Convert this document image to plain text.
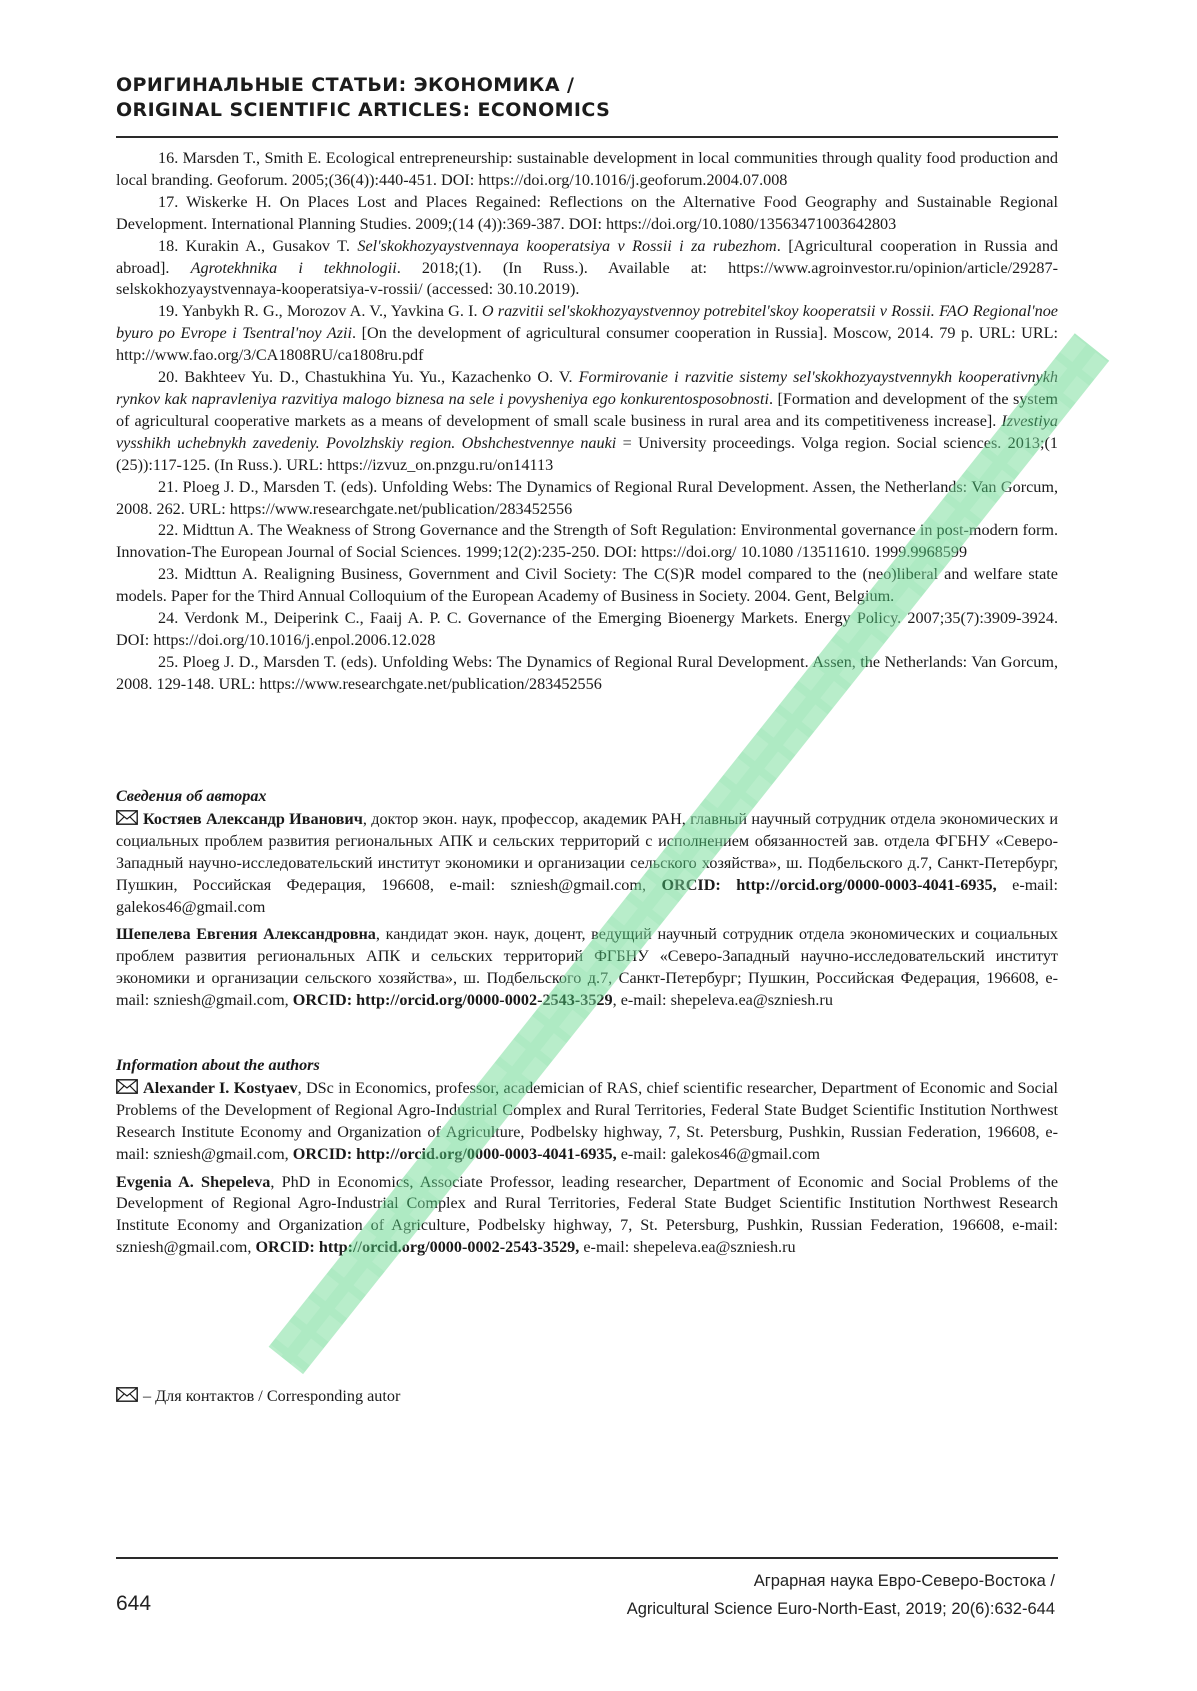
ОРИГИНАЛЬНЫЕ СТАТЬИ: ЭКОНОМИКА /
ORIGINAL SCIENTIFIC ARTICLES: ECONOMICS

16. Marsden T., Smith E. Ecological entrepreneurship: sustainable development in local communities through quality food production and local branding. Geoforum. 2005;(36(4)):440-451. DOI: https://doi.org/10.1016/j.geoforum.2004.07.008

17. Wiskerke H. On Places Lost and Places Regained: Reflections on the Alternative Food Geography and Sustainable Regional Development. International Planning Studies. 2009;(14 (4)):369-387. DOI: https://doi.org/10.1080/13563471003642803

18. Kurakin A., Gusakov T. Sel'skokhozyaystvennaya kooperatsiya v Rossii i za rubezhom. [Agricultural cooperation in Russia and abroad]. Agrotekhnika i tekhnologii. 2018;(1). (In Russ.). Available at: https://www.agroinvestor.ru/opinion/article/29287-selskokhozyaystvennaya-kooperatsiya-v-rossii/ (accessed: 30.10.2019).

19. Yanbykh R. G., Morozov A. V., Yavkina G. I. O razvitii sel'skokhozyaystvennoy potrebitel'skoy kooperatsii v Rossii. FAO Regional'noe byuro po Evrope i Tsentral'noy Azii. [On the development of agricultural consumer cooperation in Russia]. Moscow, 2014. 79 p. URL: URL: http://www.fao.org/3/CA1808RU/ca1808ru.pdf

20. Bakhteev Yu. D., Chastukhina Yu. Yu., Kazachenko O. V. Formirovanie i razvitie sistemy sel'skokhozyaystvennykh kooperativnykh rynkov kak napravleniya razvitiya malogo biznesa na sele i povysheniya ego konkurentosposobnosti. [Formation and development of the system of agricultural cooperative markets as a means of development of small scale business in rural area and its competitiveness increase]. Izvestiya vysshikh uchebnykh zavedeniy. Povolzhskiy region. Obshchestvennye nauki = University proceedings. Volga region. Social sciences. 2013;(1 (25)):117-125. (In Russ.). URL: https://izvuz_on.pnzgu.ru/on14113

21. Ploeg J. D., Marsden T. (eds). Unfolding Webs: The Dynamics of Regional Rural Development. Assen, the Netherlands: Van Gorcum, 2008. 262. URL: https://www.researchgate.net/publication/283452556

22. Midttun A. The Weakness of Strong Governance and the Strength of Soft Regulation: Environmental governance in post-modern form. Innovation-The European Journal of Social Sciences. 1999;12(2):235-250. DOI: https://doi.org/ 10.1080 /13511610. 1999.9968599

23. Midttun A. Realigning Business, Government and Civil Society: The C(S)R model compared to the (neo)liberal and welfare state models. Paper for the Third Annual Colloquium of the European Academy of Business in Society. 2004. Gent, Belgium.

24. Verdonk M., Deiperink C., Faaij A. P. C. Governance of the Emerging Bioenergy Markets. Energy Policy. 2007;35(7):3909-3924. DOI: https://doi.org/10.1016/j.enpol.2006.12.028

25. Ploeg J. D., Marsden T. (eds). Unfolding Webs: The Dynamics of Regional Rural Development. Assen, the Netherlands: Van Gorcum, 2008. 129-148. URL: https://www.researchgate.net/publication/283452556

Сведения об авторах

Костяев Александр Иванович, доктор экон. наук, профессор, академик РАН, главный научный сотрудник отдела экономических и социальных проблем развития региональных АПК и сельских территорий с исполнением обязанностей зав. отдела ФГБНУ «Северо-Западный научно-исследовательский институт экономики и организации сельского хозяйства», ш. Подбельского д.7, Санкт-Петербург, Пушкин, Российская Федерация, 196608, e-mail: szniesh@gmail.com, ORCID: http://orcid.org/0000-0003-4041-6935, e-mail: galekos46@gmail.com

Шепелева Евгения Александровна, кандидат экон. наук, доцент, ведущий научный сотрудник отдела экономических и социальных проблем развития региональных АПК и сельских территорий ФГБНУ «Северо-Западный научно-исследовательский институт экономики и организации сельского хозяйства», ш. Подбельского д.7, Санкт-Петербург; Пушкин, Российская Федерация, 196608, e-mail: szniesh@gmail.com, ORCID: http://orcid.org/0000-0002-2543-3529, e-mail: shepeleva.ea@szniesh.ru

Information about the authors

Alexander I. Kostyaev, DSc in Economics, professor, academician of RAS, chief scientific researcher, Department of Economic and Social Problems of the Development of Regional Agro-Industrial Complex and Rural Territories, Federal State Budget Scientific Institution Northwest Research Institute Economy and Organization of Agriculture, Podbelsky highway, 7, St. Petersburg, Pushkin, Russian Federation, 196608, e-mail: szniesh@gmail.com, ORCID: http://orcid.org/0000-0003-4041-6935, e-mail: galekos46@gmail.com

Evgenia A. Shepeleva, PhD in Economics, Associate Professor, leading researcher, Department of Economic and Social Problems of the Development of Regional Agro-Industrial Complex and Rural Territories, Federal State Budget Scientific Institution Northwest Research Institute Economy and Organization of Agriculture, Podbelsky highway, 7, St. Petersburg, Pushkin, Russian Federation, 196608, e-mail: szniesh@gmail.com, ORCID: http://orcid.org/0000-0002-2543-3529, e-mail: shepeleva.ea@szniesh.ru

– Для контактов / Corresponding autor
644
Аграрная наука Евро-Северо-Востока /
Agricultural Science Euro-North-East, 2019; 20(6):632-644
